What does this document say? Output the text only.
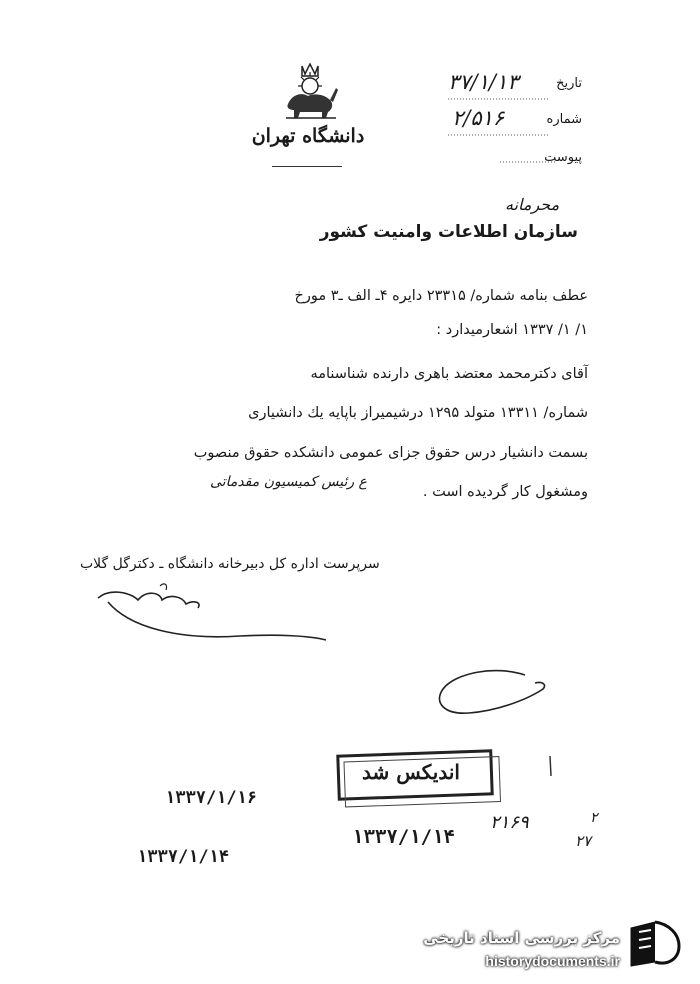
دانشگاه تهران
تاریخ
۳۷/۱/۱۳
شماره
۲/۵۱۶
پیوست
محرمانه
سازمان اطلاعات وامنیت کشور
عطف بنامه شماره/ ۲۳۳۱۵ دایره ۴ـ الف ـ۳ مورخ
۱/ ۱/ ۱۳۳۷ اشعارمیدارد :
آقای دکترمحمد معتضد باهری دارنده شناسنامه
شماره/ ۱۳۳۱۱ متولد ۱۲۹۵ درشیمیراز باپایه یك دانشیاری
بسمت دانشیار درس حقوق جزای عمومی دانشکده حقوق منصوب
ومشغول کار گردیده است .
ع رئیس کمیسیون مقدماتی
سرپرست اداره کل دبیرخانه دانشگاه ـ دکترگل گلاب
اندیکس شد
۱۳۳۷/۱/۱۶
۱۳۳۷/۱/۱۴
۱۳۳۷/۱/۱۴
۲۱۶۹	۲
۲۷
مرکز بررسی اسناد تاریخی
historydocuments.ir
